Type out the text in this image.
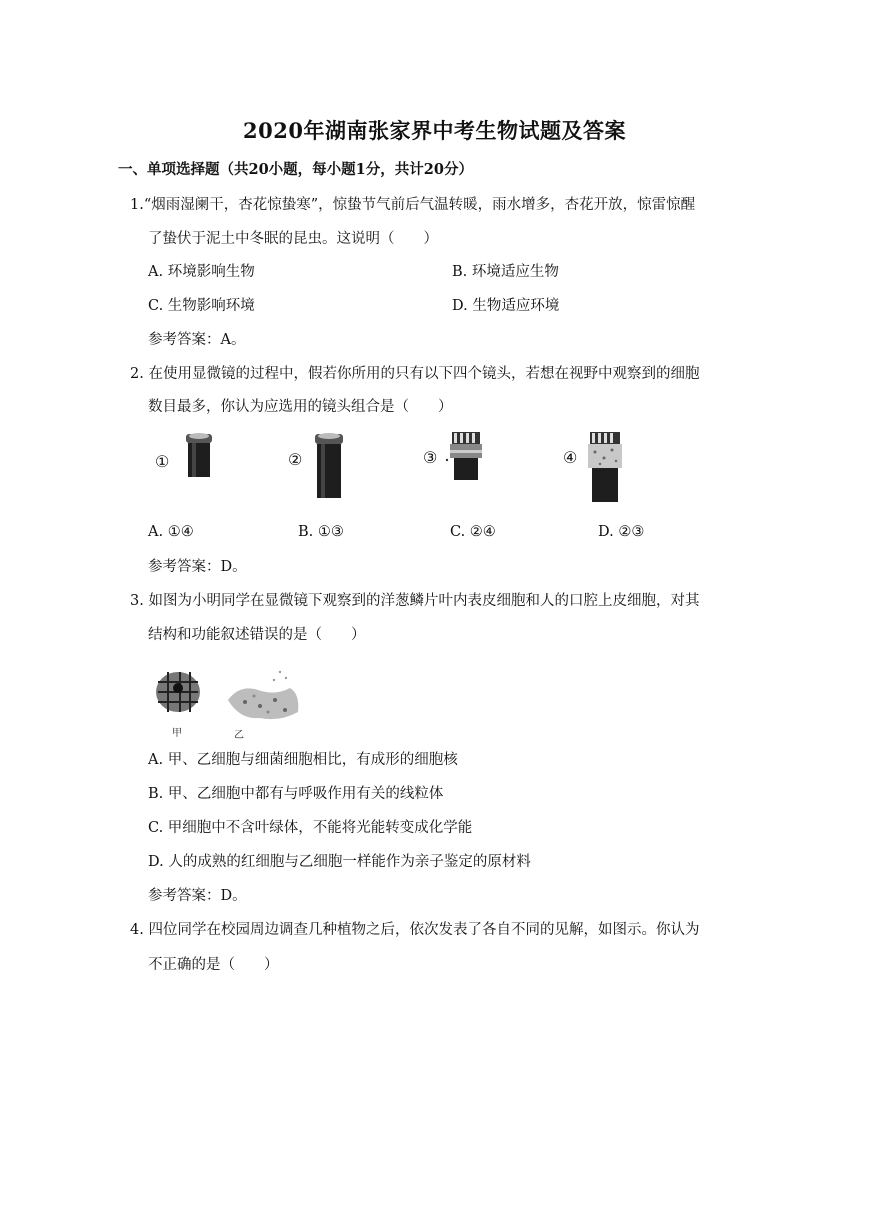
2020年湖南张家界中考生物试题及答案
一、单项选择题（共20小题，每小题1分，共计20分）
1.“烟雨湿阑干，杏花惊蛰寒”，惊蛰节气前后气温转暖，雨水增多，杏花开放，惊雷惊醒
了蛰伏于泥土中冬眠的昆虫。这说明（　　）
A. 环境影响生物	B. 环境适应生物
C. 生物影响环境	D. 生物适应环境
参考答案：A。
2. 在使用显微镜的过程中，假若你所用的只有以下四个镜头，若想在视野中观察到的细胞
数目最多，你认为应选用的镜头组合是（　　）
①	②	③	④
A. ①④	B. ①③	C. ②④	D. ②③
参考答案：D。
3. 如图为小明同学在显微镜下观察到的洋葱鳞片叶内表皮细胞和人的口腔上皮细胞，对其
结构和功能叙述错误的是（　　）
甲	乙
A. 甲、乙细胞与细菌细胞相比，有成形的细胞核
B. 甲、乙细胞中都有与呼吸作用有关的线粒体
C. 甲细胞中不含叶绿体，不能将光能转变成化学能
D. 人的成熟的红细胞与乙细胞一样能作为亲子鉴定的原材料
参考答案：D。
4. 四位同学在校园周边调查几种植物之后，依次发表了各自不同的见解，如图示。你认为
不正确的是（　　）
